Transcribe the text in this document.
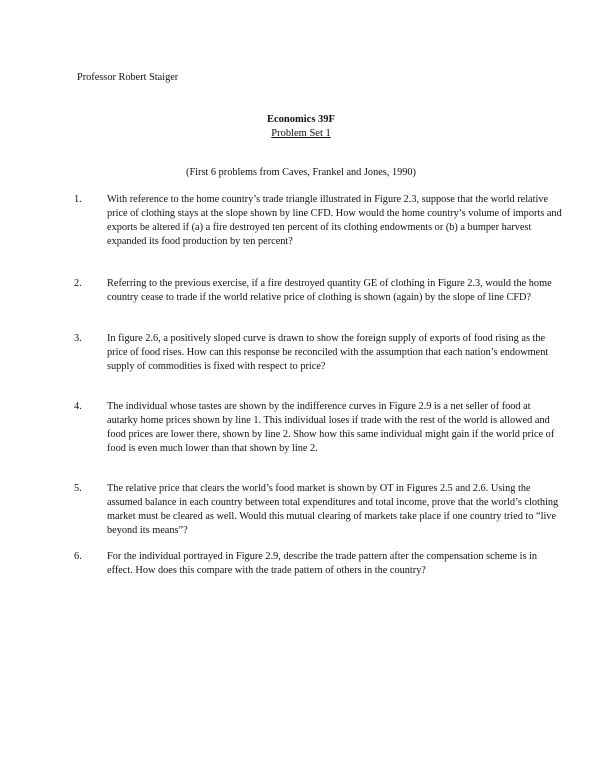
Professor Robert Staiger

Economics 39F

Problem Set 1

(First 6 problems from Caves, Frankel and Jones, 1990)

1.	With reference to the home country’s trade triangle illustrated in Figure 2.3, suppose that the world relative price of clothing stays at the slope shown by line CFD. How would the home country’s volume of imports and exports be altered if (a) a fire destroyed ten percent of its clothing endowments or (b) a bumper harvest expanded its food production by ten percent?

2.	Referring to the previous exercise, if a fire destroyed quantity GE of clothing in Figure 2.3, would the home country cease to trade if the world relative price of clothing is shown (again) by the slope of line CFD?

3.	In figure 2.6, a positively sloped curve is drawn to show the foreign supply of exports of food rising as the price of food rises. How can this response be reconciled with the assumption that each nation’s endowment supply of commodities is fixed with respect to price?

4.	The individual whose tastes are shown by the indifference curves in Figure 2.9 is a net seller of food at autarky home prices shown by line 1. This individual loses if trade with the rest of the world is allowed and food prices are lower there, shown by line 2. Show how this same individual might gain if the world price of food is even much lower than that shown by line 2.

5.	The relative price that clears the world’s food market is shown by OT in Figures 2.5 and 2.6. Using the assumed balance in each country between total expenditures and total income, prove that the world’s clothing market must be cleared as well. Would this mutual clearing of markets take place if one country tried to “live beyond its means”?

6.	For the individual portrayed in Figure 2.9, describe the trade pattern after the compensation scheme is in effect. How does this compare with the trade pattern of others in the country?
